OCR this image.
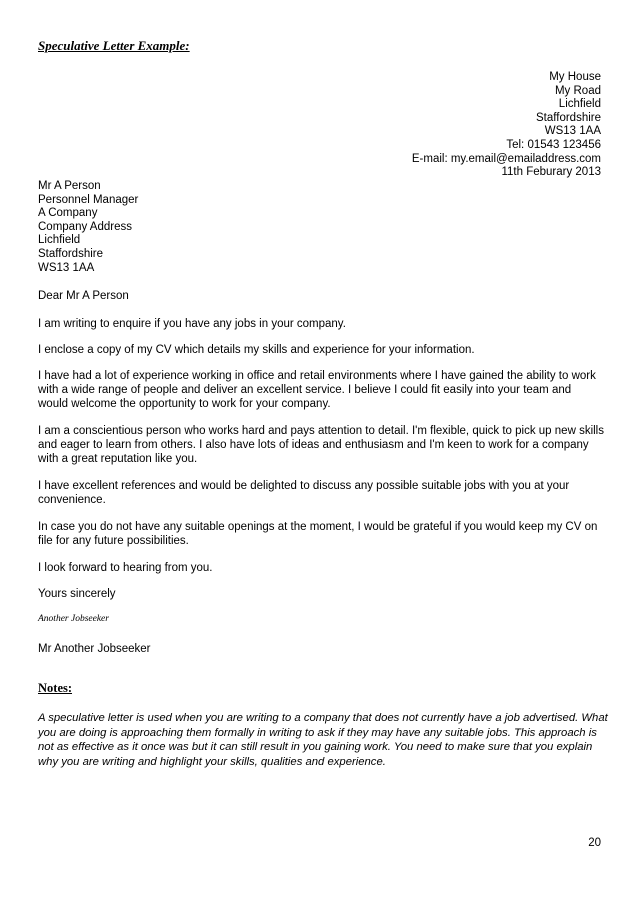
Speculative Letter Example:
My House
My Road
Lichfield
Staffordshire
WS13 1AA
Tel: 01543 123456
E-mail: my.email@emailaddress.com
11th Feburary 2013
Mr A Person
Personnel Manager
A Company
Company Address
Lichfield
Staffordshire
WS13 1AA

Dear Mr A Person

I am writing to enquire if you have any jobs in your company.

I enclose a copy of my CV which details my skills and experience for your information.

I have had a lot of experience working in office and retail environments where I have gained the ability to work with a wide range of people and deliver an excellent service. I believe I could fit easily into your team and would welcome the opportunity to work for your company.

I am a conscientious person who works hard and pays attention to detail. I'm flexible, quick to pick up new skills and eager to learn from others. I also have lots of ideas and enthusiasm and I'm keen to work for a company with a great reputation like you.

I have excellent references and would be delighted to discuss any possible suitable jobs with you at your convenience.

In case you do not have any suitable openings at the moment, I would be grateful if you would keep my CV on file for any future possibilities.

I look forward to hearing from you.

Yours sincerely

Another Jobseeker

Mr Another Jobseeker

Notes:

A speculative letter is used when you are writing to a company that does not currently have a job advertised. What you are doing is approaching them formally in writing to ask if they may have any suitable jobs. This approach is not as effective as it once was but it can still result in you gaining work. You need to make sure that you explain why you are writing and highlight your skills, qualities and experience.

20
